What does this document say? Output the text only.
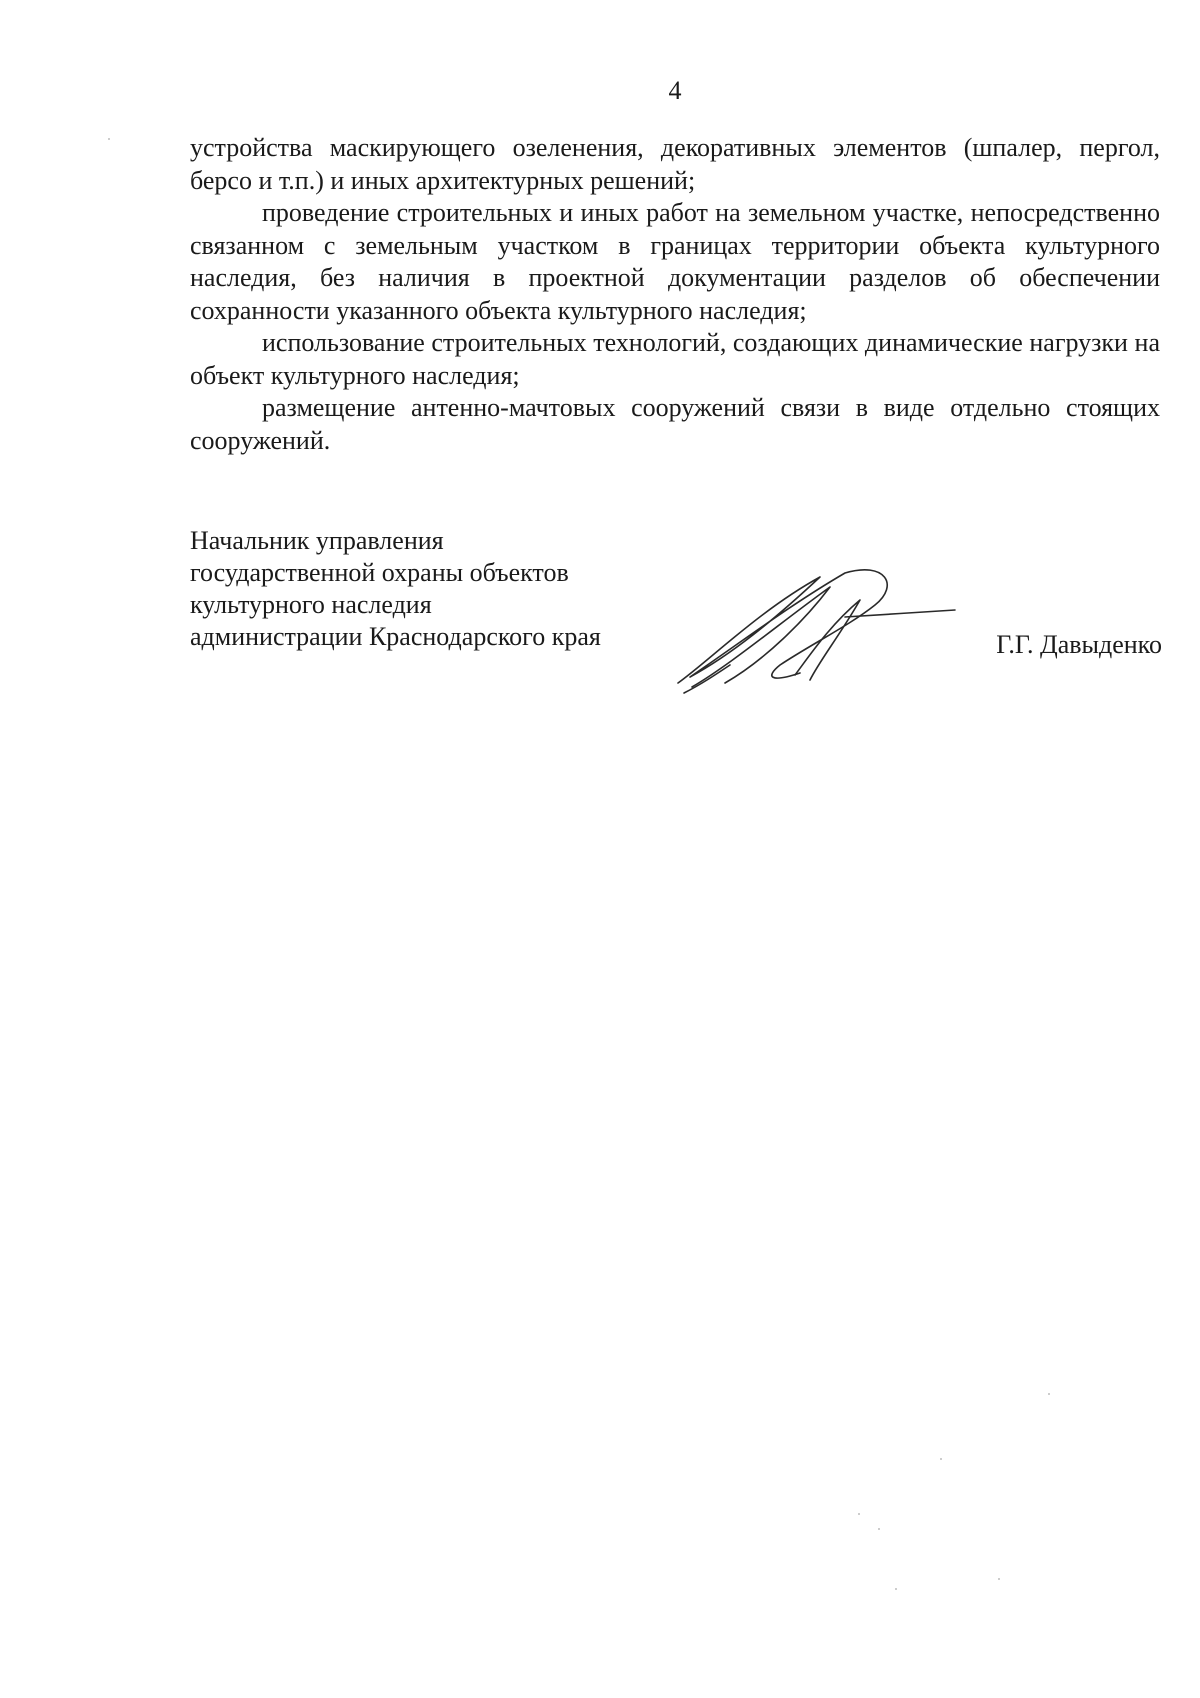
4

устройства маскирующего озеленения, декоративных элементов (шпалер, пергол, берсо и т.п.) и иных архитектурных решений;

проведение строительных и иных работ на земельном участке, непосредственно связанном с земельным участком в границах территории объекта культурного наследия, без наличия в проектной документации разделов об обеспечении сохранности указанного объекта культурного наследия;

использование строительных технологий, создающих динамические нагрузки на объект культурного наследия;

размещение антенно-мачтовых сооружений связи в виде отдельно стоящих сооружений.

Начальник управления
государственной охраны объектов
культурного наследия
администрации Краснодарского края	Г.Г. Давыденко
